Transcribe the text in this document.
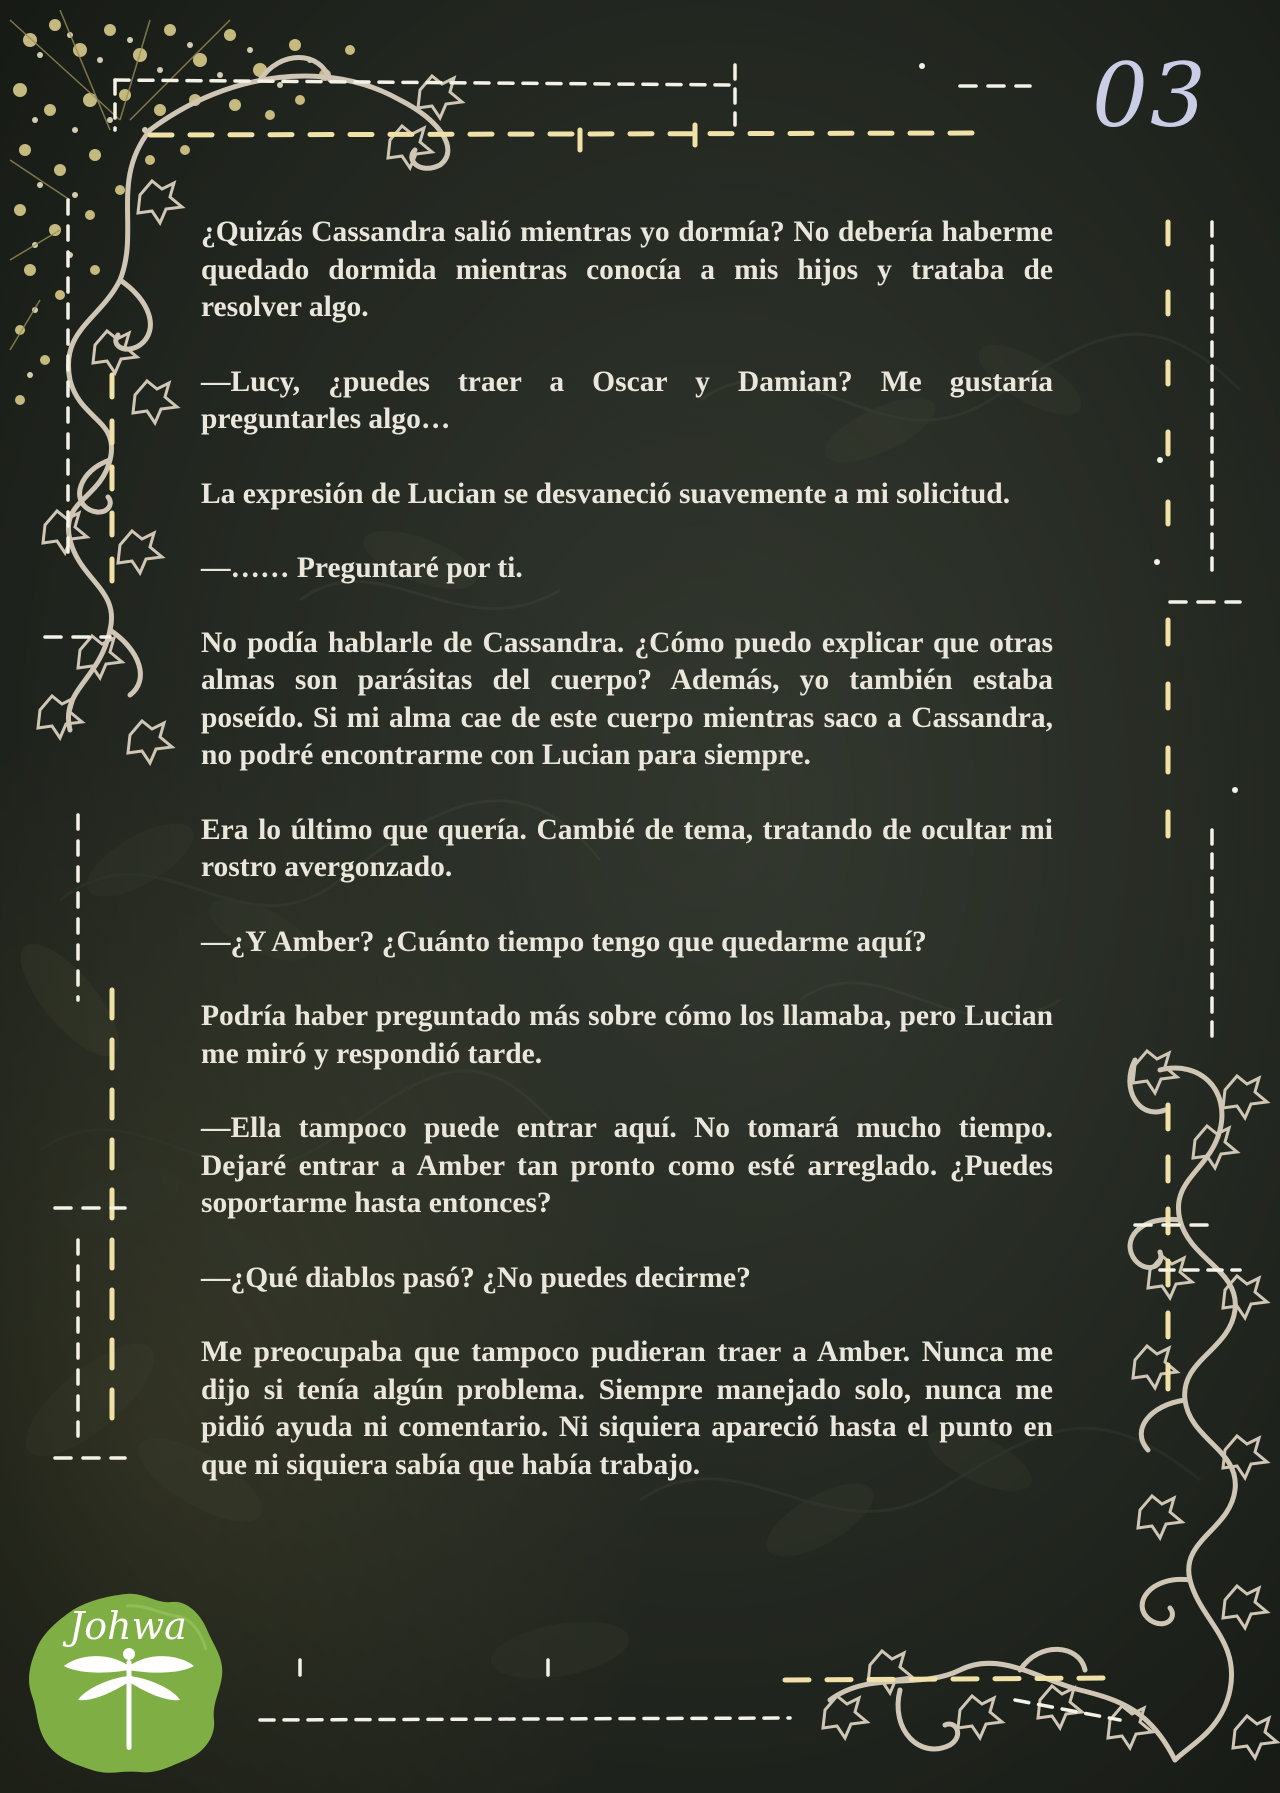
03

¿Quizás Cassandra salió mientras yo dormía? No debería haberme quedado dormida mientras conocía a mis hijos y trataba de resolver algo.

—Lucy, ¿puedes traer a Oscar y Damian? Me gustaría preguntarles algo…

La expresión de Lucian se desvaneció suavemente a mi solicitud.

—…… Preguntaré por ti.

No podía hablarle de Cassandra. ¿Cómo puedo explicar que otras almas son parásitas del cuerpo? Además, yo también estaba poseído. Si mi alma cae de este cuerpo mientras saco a Cassandra, no podré encontrarme con Lucian para siempre.

Era lo último que quería. Cambié de tema, tratando de ocultar mi rostro avergonzado.

—¿Y Amber? ¿Cuánto tiempo tengo que quedarme aquí?

Podría haber preguntado más sobre cómo los llamaba, pero Lucian me miró y respondió tarde.

—Ella tampoco puede entrar aquí. No tomará mucho tiempo. Dejaré entrar a Amber tan pronto como esté arreglado. ¿Puedes soportarme hasta entonces?

—¿Qué diablos pasó? ¿No puedes decirme?

Me preocupaba que tampoco pudieran traer a Amber. Nunca me dijo si tenía algún problema. Siempre manejado solo, nunca me pidió ayuda ni comentario. Ni siquiera apareció hasta el punto en que ni siquiera sabía que había trabajo.

Johwa
